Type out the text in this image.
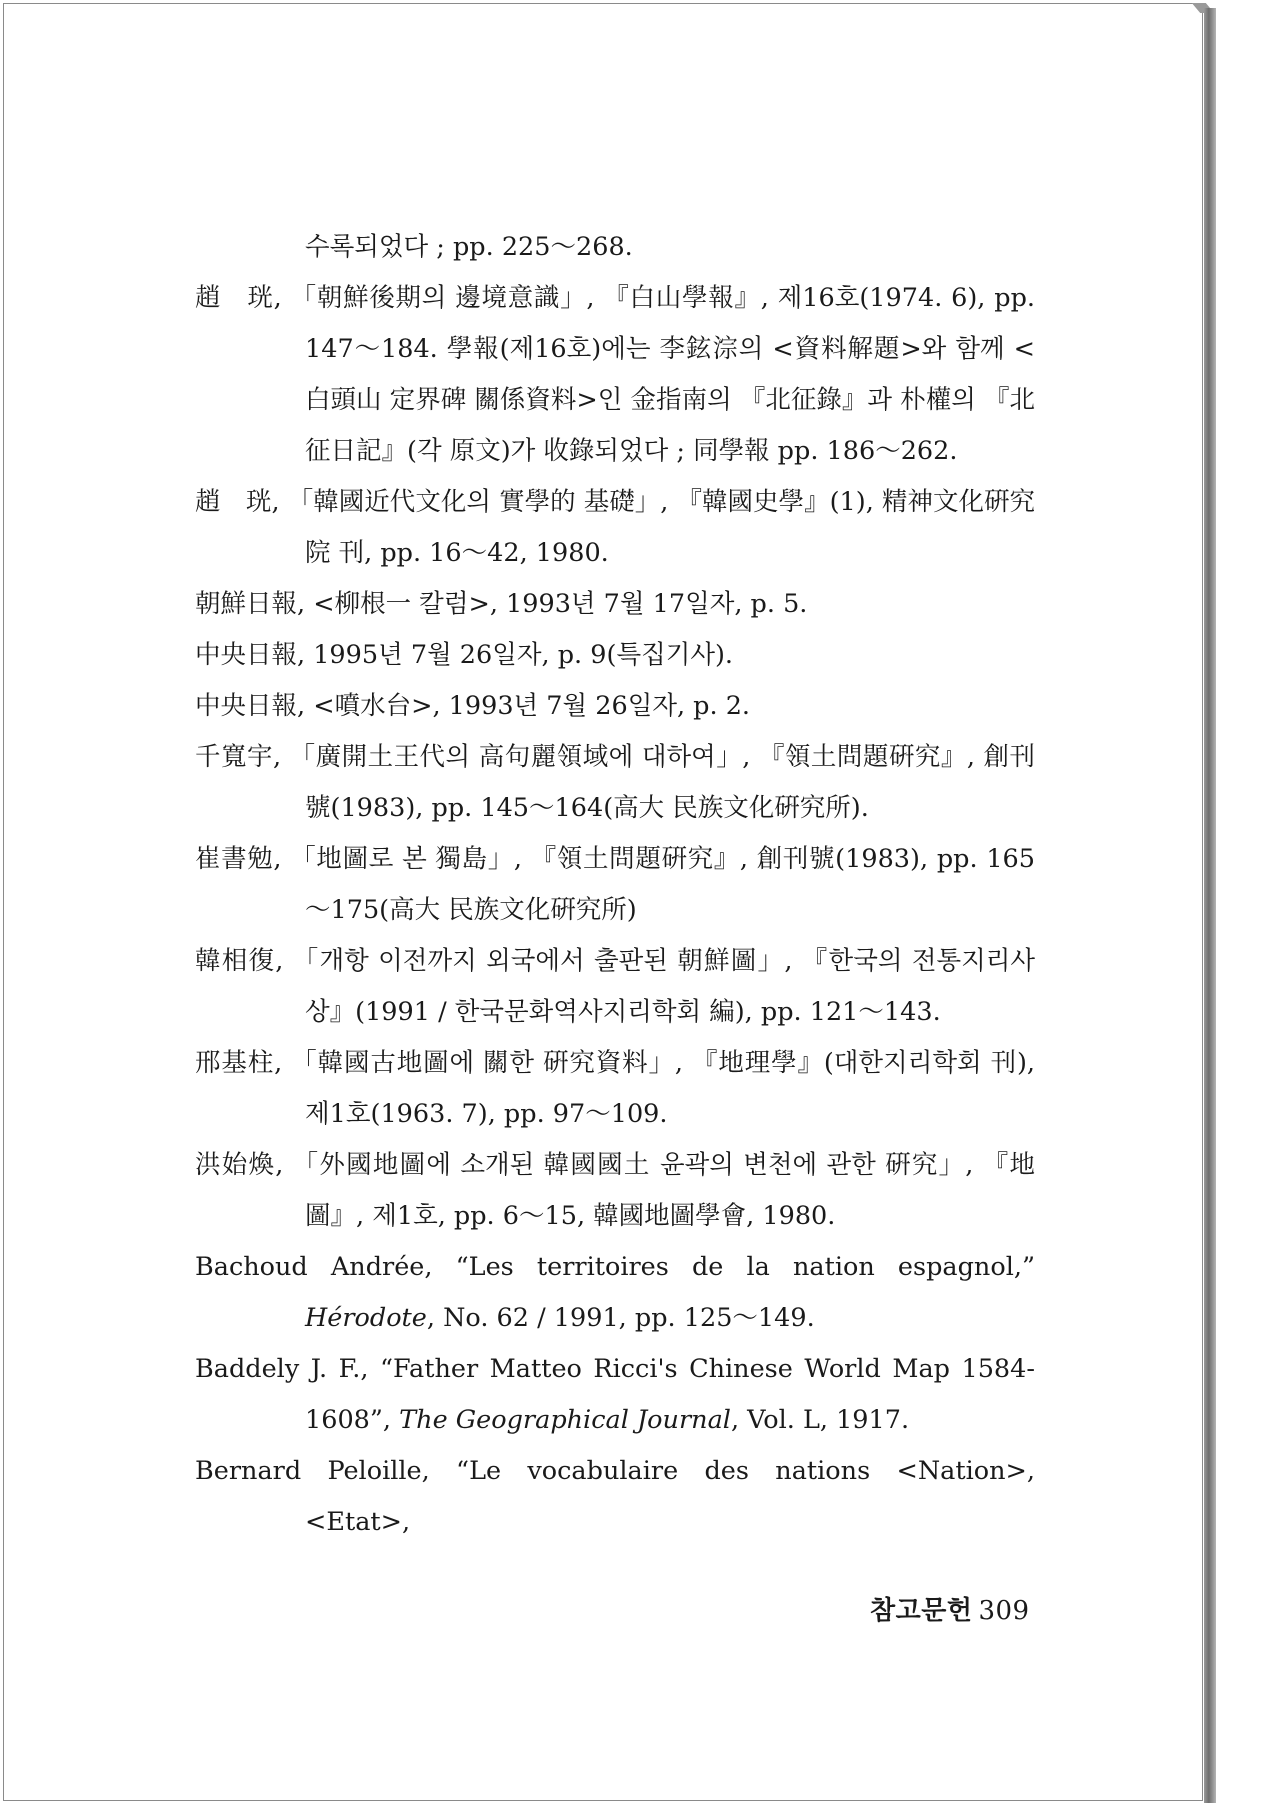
수록되었다 ; pp. 225～268.
趙　珖, 「朝鮮後期의 邊境意識」, 『白山學報』, 제16호(1974. 6), pp. 147～184. 學報(제16호)에는 李鉉淙의 <資料解題>와 함께 <白頭山 定界碑 關係資料>인 金指南의 『北征錄』과 朴權의 『北征日記』(각 原文)가 收錄되었다 ; 同學報 pp. 186～262.
趙　珖, 「韓國近代文化의 實學的 基礎」, 『韓國史學』(1), 精神文化硏究院 刊, pp. 16～42, 1980.
朝鮮日報, <柳根一 칼럼>, 1993년 7월 17일자, p. 5.
中央日報, 1995년 7월 26일자, p. 9(특집기사).
中央日報, <噴水台>, 1993년 7월 26일자, p. 2.
千寬宇, 「廣開土王代의 高句麗領域에 대하여」, 『領土問題硏究』, 創刊號(1983), pp. 145～164(高大 民族文化硏究所).
崔書勉, 「地圖로 본 獨島」, 『領土問題硏究』, 創刊號(1983), pp. 165～175(高大 民族文化硏究所)
韓相復, 「개항 이전까지 외국에서 출판된 朝鮮圖」, 『한국의 전통지리사상』(1991 / 한국문화역사지리학회 編), pp. 121～143.
邢基柱, 「韓國古地圖에 關한 硏究資料」, 『地理學』(대한지리학회 刊), 제1호(1963. 7), pp. 97～109.
洪始煥, 「外國地圖에 소개된 韓國國土 윤곽의 변천에 관한 硏究」, 『地圖』, 제1호, pp. 6～15, 韓國地圖學會, 1980.
Bachoud Andrée, “Les territoires de la nation espagnol,” Hérodote, No. 62 / 1991, pp. 125～149.
Baddely J. F., “Father Matteo Ricci's Chinese World Map 1584-1608”, The Geographical Journal, Vol. L, 1917.
Bernard Peloille, “Le vocabulaire des nations <Nation>, <Etat>,
참고문헌 309
